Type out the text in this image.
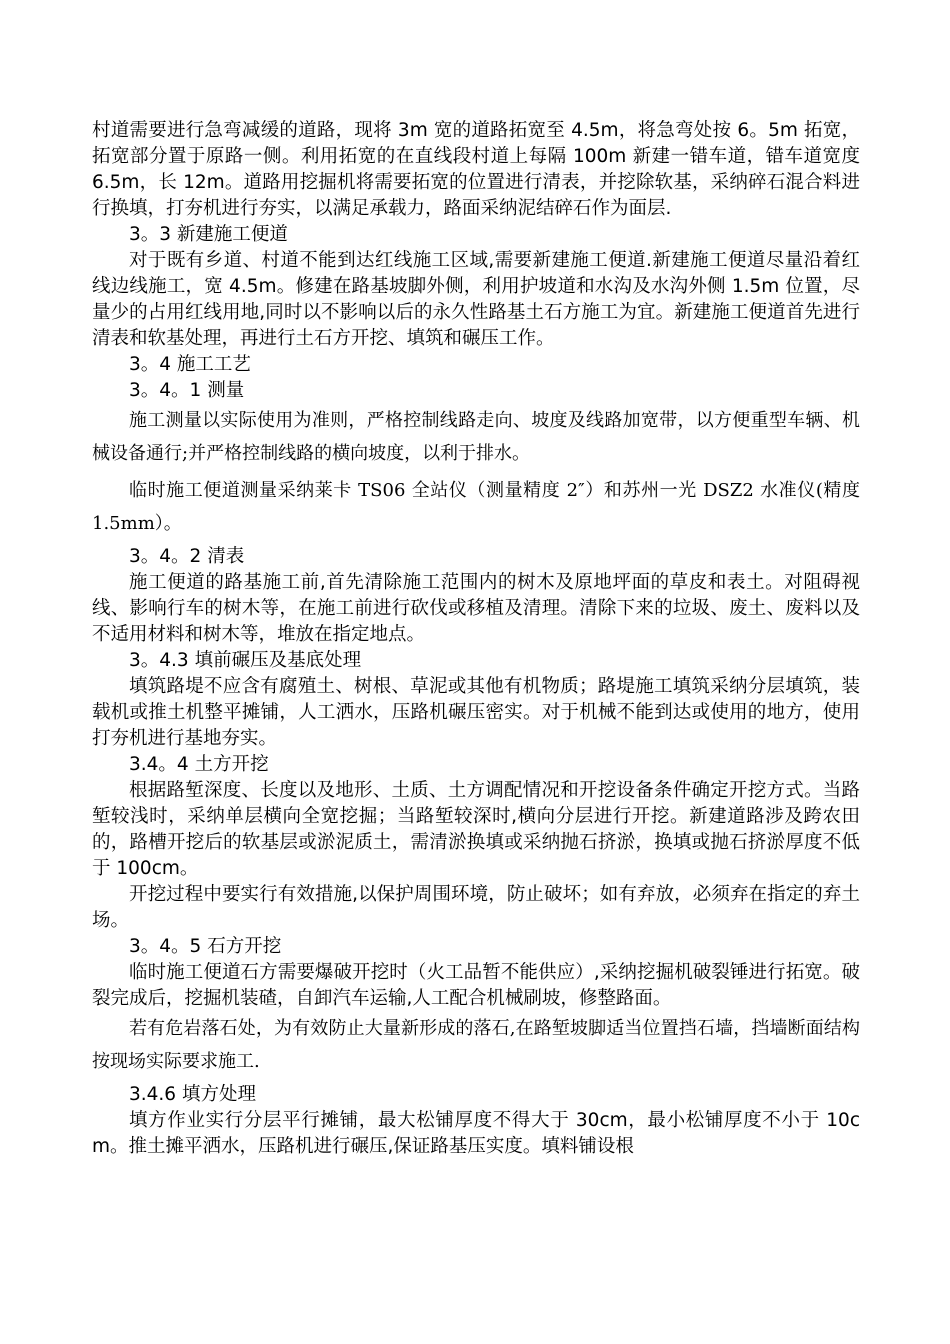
村道需要进行急弯减缓的道路，现将 3m 宽的道路拓宽至 4.5m，将急弯处按 6。5m 拓宽，拓宽部分置于原路一侧。利用拓宽的在直线段村道上每隔 100m 新建一错车道，错车道宽度 6.5m，长 12m。道路用挖掘机将需要拓宽的位置进行清表，并挖除软基，采纳碎石混合料进行换填，打夯机进行夯实，以满足承载力，路面采纳泥结碎石作为面层.

3。3 新建施工便道

对于既有乡道、村道不能到达红线施工区域,需要新建施工便道.新建施工便道尽量沿着红线边线施工，宽 4.5m。修建在路基坡脚外侧，利用护坡道和水沟及水沟外侧 1.5m 位置，尽量少的占用红线用地,同时以不影响以后的永久性路基土石方施工为宜。新建施工便道首先进行清表和软基处理，再进行土石方开挖、填筑和碾压工作。

3。4 施工工艺

3。4。1 测量

施工测量以实际使用为准则，严格控制线路走向、坡度及线路加宽带，以方便重型车辆、机械设备通行;并严格控制线路的横向坡度，以利于排水。

临时施工便道测量采纳莱卡 TS06 全站仪（测量精度 2″）和苏州一光 DSZ2 水准仪(精度 1.5mm）。

3。4。2 清表

施工便道的路基施工前,首先清除施工范围内的树木及原地坪面的草皮和表土。对阻碍视线、影响行车的树木等，在施工前进行砍伐或移植及清理。清除下来的垃圾、废土、废料以及不适用材料和树木等，堆放在指定地点。

3。4.3 填前碾压及基底处理

填筑路堤不应含有腐殖土、树根、草泥或其他有机物质；路堤施工填筑采纳分层填筑，装载机或推土机整平摊铺，人工洒水，压路机碾压密实。对于机械不能到达或使用的地方，使用打夯机进行基地夯实。

3.4。4 土方开挖

根据路堑深度、长度以及地形、土质、土方调配情况和开挖设备条件确定开挖方式。当路堑较浅时，采纳单层横向全宽挖掘；当路堑较深时,横向分层进行开挖。新建道路涉及跨农田的，路槽开挖后的软基层或淤泥质土，需清淤换填或采纳抛石挤淤，换填或抛石挤淤厚度不低于 100cm。

开挖过程中要实行有效措施,以保护周围环境，防止破坏；如有弃放，必须弃在指定的弃土场。

3。4。5 石方开挖

临时施工便道石方需要爆破开挖时（火工品暂不能供应）,采纳挖掘机破裂锤进行拓宽。破裂完成后，挖掘机装碴，自卸汽车运输,人工配合机械刷坡，修整路面。

若有危岩落石处，为有效防止大量新形成的落石,在路堑坡脚适当位置挡石墙，挡墙断面结构按现场实际要求施工.

3.4.6 填方处理

填方作业实行分层平行摊铺，最大松铺厚度不得大于 30cm，最小松铺厚度不小于 10cm。推土摊平洒水，压路机进行碾压,保证路基压实度。填料铺设根
